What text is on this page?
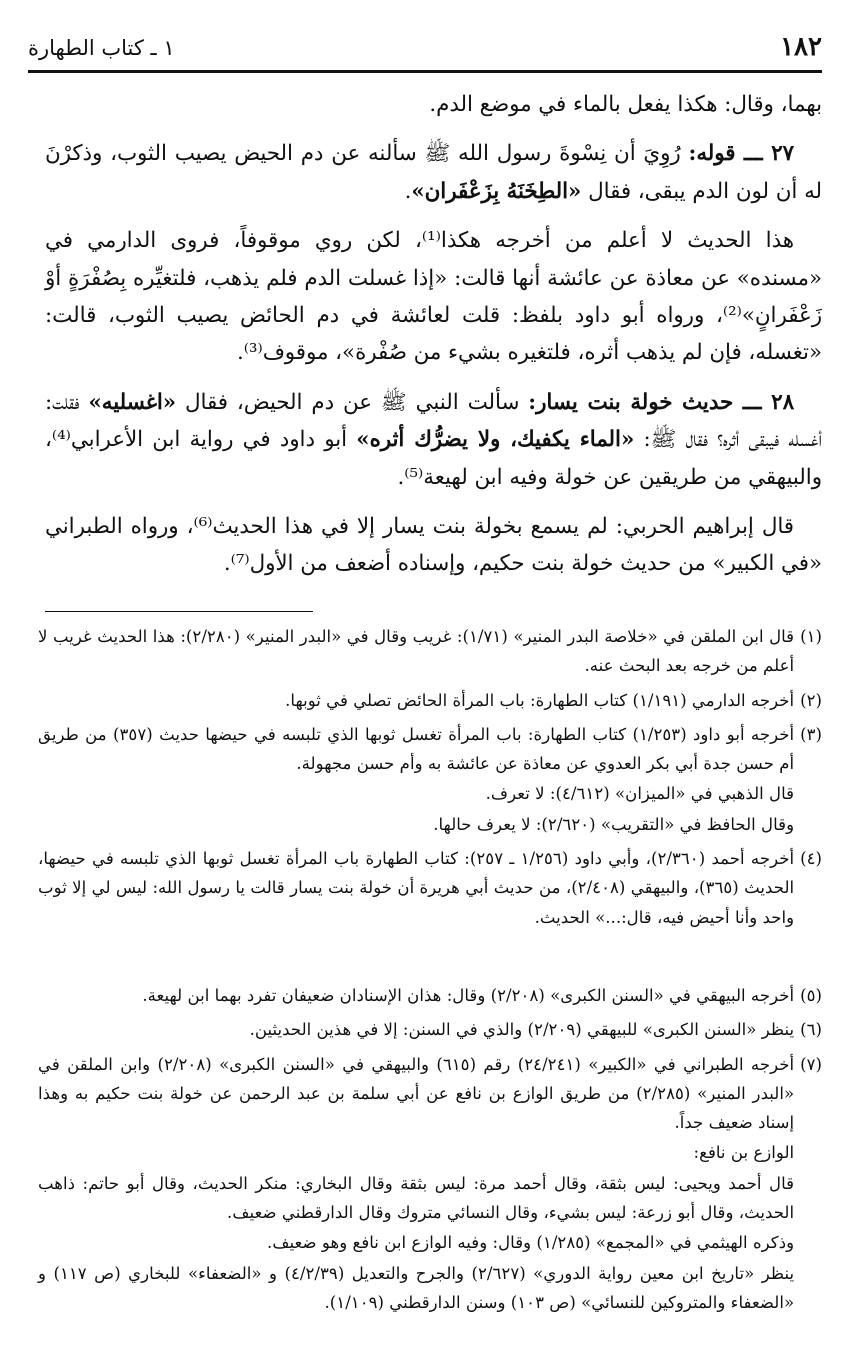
١٨٢
١ ـ كتاب الطهارة

بهما، وقال: هكذا يفعل بالماء في موضع الدم.

٢٧ ـــ قوله: رُوِيَ أن نِسْوةَ رسول الله ﷺ سألنه عن دم الحيض يصيب الثوب، وذكرْنَ له أن لون الدم يبقى، فقال «الطِخَنَهُ بِزَعْفَران».

هذا الحديث لا أعلم من أخرجه هكذا⁽¹⁾، لكن روي موقوفاً، فروى الدارمي في «مسنده» عن معاذة عن عائشة أنها قالت: «إذا غسلت الدم فلم يذهب، فلتغيِّره بِصُفْرَةٍ أوْ زَعْفَرانٍ»⁽²⁾، ورواه أبو داود بلفظ: قلت لعائشة في دم الحائض يصيب الثوب، قالت: «تغسله، فإن لم يذهب أثره، فلتغيره بشيء من صُفْرة»، موقوف⁽³⁾.

٢٨ ـــ حديث خولة بنت يسار: سألت النبي ﷺ عن دم الحيض، فقال «اغسليه» فقلت: أغسله فيبقى أثره؟ فقال ﷺ: «الماء يكفيك، ولا يضرُّك أثره» أبو داود في رواية ابن الأعرابي⁽⁴⁾، والبيهقي من طريقين عن خولة وفيه ابن لهيعة⁽⁵⁾.

قال إبراهيم الحربي: لم يسمع بخولة بنت يسار إلا في هذا الحديث⁽⁶⁾، ورواه الطبراني «في الكبير» من حديث خولة بنت حكيم، وإسناده أضعف من الأول⁽⁷⁾.

(١)
قال ابن الملقن في «خلاصة البدر المنير» (١/٧١): غريب وقال في «البدر المنير» (٢/٢٨٠): هذا الحديث غريب لا أعلم من خرجه بعد البحث عنه.
(٢)
أخرجه الدارمي (١/١٩١) كتاب الطهارة: باب المرأة الحائض تصلي في ثوبها.
(٣)
أخرجه أبو داود (١/٢٥٣) كتاب الطهارة: باب المرأة تغسل ثوبها الذي تلبسه في حيضها حديث (٣٥٧) من طريق أم حسن جدة أبي بكر العدوي عن معاذة عن عائشة به وأم حسن مجهولة.
قال الذهبي في «الميزان» (٤/٦١٢): لا تعرف.
وقال الحافظ في «التقريب» (٢/٦٢٠): لا يعرف حالها.
(٤)
أخرجه أحمد (٢/٣٦٠)، وأبي داود (١/٢٥٦ ـ ٢٥٧): كتاب الطهارة باب المرأة تغسل ثوبها الذي تلبسه في حيضها، الحديث (٣٦٥)، والبيهقي (٢/٤٠٨)، من حديث أبي هريرة أن خولة بنت يسار قالت يا رسول الله: ليس لي إلا ثوب واحد وأنا أحيض فيه، قال:...» الحديث.
(٥)
أخرجه البيهقي في «السنن الكبرى» (٢/٢٠٨) وقال: هذان الإسنادان ضعيفان تفرد بهما ابن لهيعة.
(٦)
ينظر «السنن الكبرى» للبيهقي (٢/٢٠٩) والذي في السنن: إلا في هذين الحديثين.
(٧)
أخرجه الطبراني في «الكبير» (٢٤/٢٤١) رقم (٦١٥) والبيهقي في «السنن الكبرى» (٢/٢٠٨) وابن الملقن في «البدر المنير» (٢/٢٨٥) من طريق الوازع بن نافع عن أبي سلمة بن عبد الرحمن عن خولة بنت حكيم به وهذا إسناد ضعيف جداً.
الوازع بن نافع:
قال أحمد ويحيى: ليس بثقة، وقال أحمد مرة: ليس بثقة وقال البخاري: منكر الحديث، وقال أبو حاتم: ذاهب الحديث، وقال أبو زرعة: ليس بشيء، وقال النسائي متروك وقال الدارقطني ضعيف.
وذكره الهيثمي في «المجمع» (١/٢٨٥) وقال: وفيه الوازع ابن نافع وهو ضعيف.
ينظر «تاريخ ابن معين رواية الدوري» (٢/٦٢٧) والجرح والتعديل (٤/٢/٣٩) و «الضعفاء» للبخاري (ص ١١٧) و «الضعفاء والمتروكين للنسائي» (ص ١٠٣) وسنن الدارقطني (١/١٠٩).
